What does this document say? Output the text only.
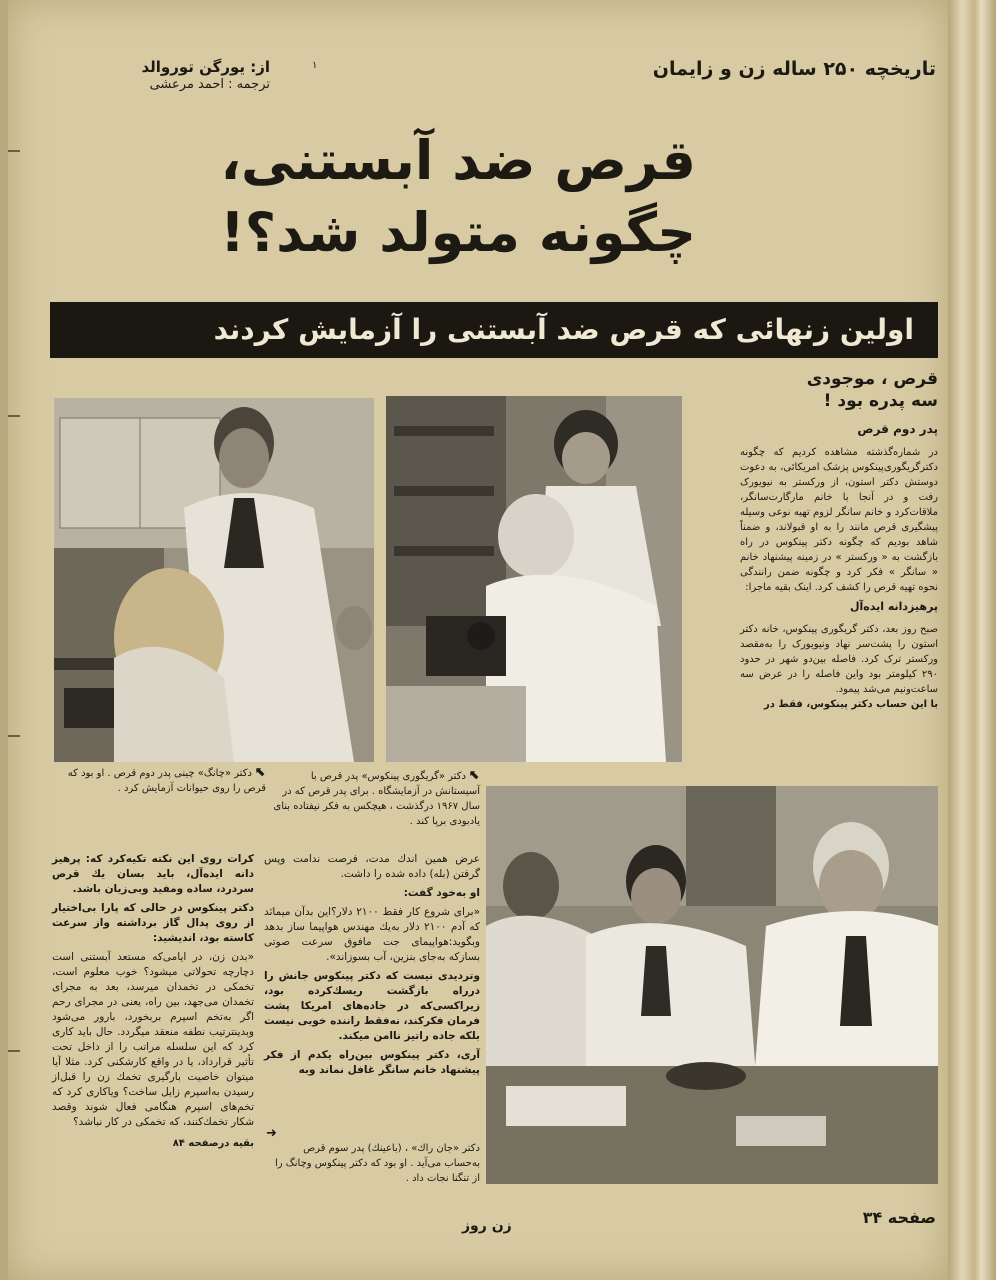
تاریخچه ۲۵۰ ساله زن و زایمان
۱
از: یورگن توروالد
ترجمه : احمد مرعشی
قرص ضد آبستنی،
چگونه متولد شد؟!
اولین زنهائی که قرص ضد آبستنی را آزمایش کردند
⬉ دکتر «چانگ» چینی پدر دوم قرص . او بود که قرص را روی حیوانات آزمایش کرد .
⬉ دکتر «گریگوری پینکوس» پدر قرص با آسیستانش در آزمایشگاه . برای پدر قرص که در سال ۱۹۶۷ درگذشت ، هیچکس به فکر نیفتاده بنای یادبودی برپا کند .
➜
دکتر «جان راك» ، (باعینك) پدر سوم قرص به‌حساب می‌آید . او بود که دکتر پینکوس وچانگ را از تنگنا نجات داد .
قرص ، موجودی
سه پدره بود !
پدر دوم قرص

در شماره‌گذشته مشاهده کردیم که چگونه دکترگریگوری‌پینکوس پزشک امریکائی، به دعوت دوستش دکتر استون، از ورکستر به نیویورک رفت و در آنجا با خانم مارگارت‌سانگر، ملاقات‌کرد و خانم سانگر لزوم تهیه نوعی وسیله پیشگیری قرص مانند را به او قبولاند، و ضمناً شاهد بودیم که چگونه دکتر پینکوس در راه بازگشت به « ورکستر » در زمینه پیشنهاد خانم « سانگر » فکر کرد و چگونه ضمن رانندگی نحوه تهیه قرص را کشف کرد. اینک بقیه ماجرا:

پرهیزدانه ایده‌آل

صبح روز بعد، دکتر گریگوری پینکوس، خانه دکتر استون را پشت‌سر نهاد ونیویورک را به‌مقصد ورکستر ترک کرد. فاصله بین‌دو شهر در حدود ۲۹۰ کیلومتر بود واین فاصله را در عرض سه ساعت‌ونیم می‌شد پیمود.

با این حساب دکتر پینکوس، فقط در

عرض همین اندك مدت، فرصت ندامت وپس گرفتن (بله) داده شده را داشت.

او به‌خود گفت:

«برای شروع کار فقط ۲۱۰۰ دلار؟این بدآن میمانَد که آدم ۲۱۰۰ دلار به‌یك مهندس هواپیما ساز بدهد وبگوید:هواپیمای جت مافوق سرعت صوتی بسازکه به‌جای بنزین، آب بسوزاند».

وتردیدی نیست که دکتر پینکوس جانش را درراه بازگشت ریسك‌کرده بود، زیراکسی‌که در جاده‌های امریکا پشت فرمان فکرکند، نه‌فقط راننده خوبی نیست بلکه جاده راتیز ناامن میکند.

آری، دکتر پینکوس بین‌راه یکدم از فکر پیشنهاد خانم سانگر غافل نماند وبه

کرات روی این نکته تکیه‌کرد که: پرهیز دانه ایده‌آل، باید بسان یك قرص سرد‌رد، ساده ومفید وبی‌زیان باشد.

دکتر پینکوس در حالی که پارا بی‌اختیار از روی پدال گاز برداشته واز سرعت کاسته بود، اندیشید:

«بدن زن، در ایامی‌که مستعد آبستنی است دچار‌چه تحولاتی میشود؟ خوب معلوم است، تخمکی در تخمدان میرسد، بعد به مجرای تخمدان می‌جهد، بین راه، یعنی در مجرای رحم اگر به‌تخم اسپرم بربخورد، بارور می‌شود وبدینترتیب نطفه منعقد میگردد. حال باید کاری کرد که این سلسله مراتب را از داخل تحت تأثیر قرارداد، یا در واقع کارشکنی کرد. مثلا آیا میتوان خاصیت بارگیری تخمك زن را قبل‌از رسیدن به‌اسپرم زایل ساخت؟ ویاکاری کرد که تخم‌های اسپرم هنگامی فعال شوند وقصد شکار تخمك‌کنند، که تخمکی در کار نباشد؟

بقیه درصفحه ۸۴
صفحه ۳۴
زن روز
